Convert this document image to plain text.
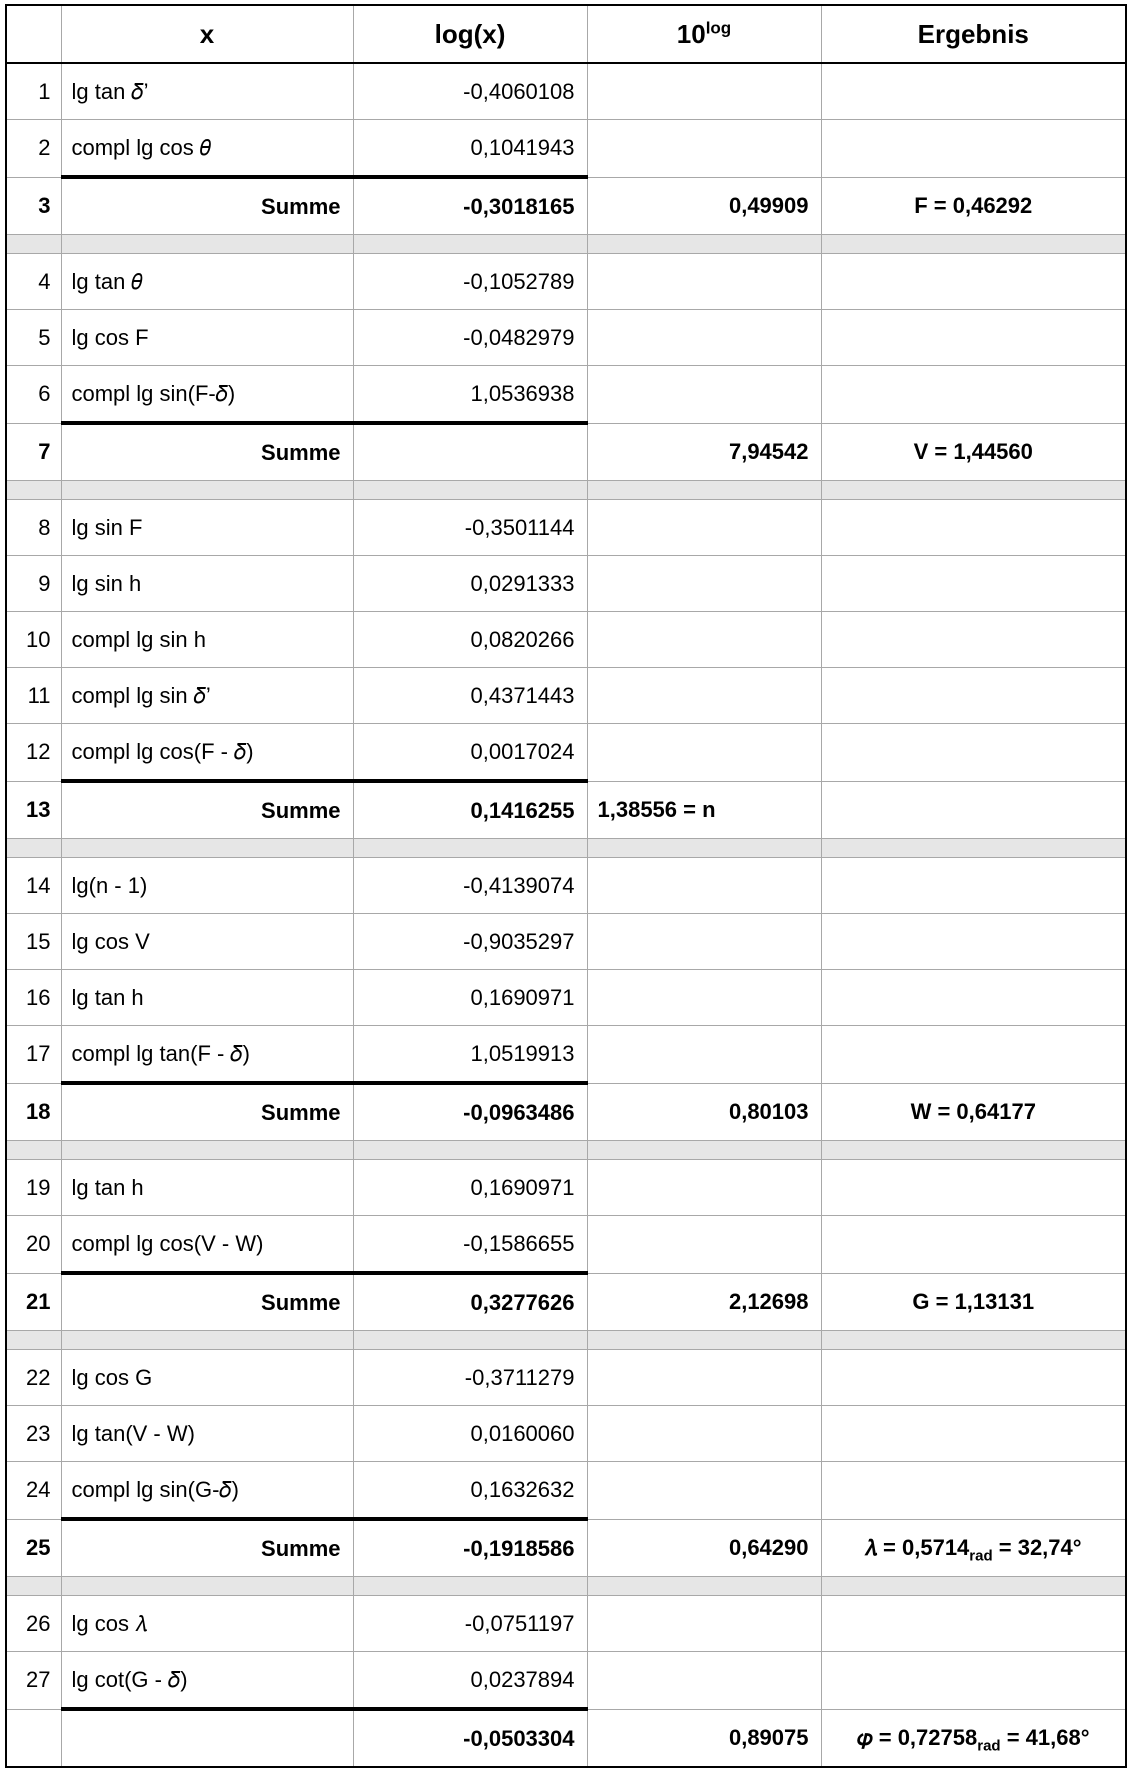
	x	log(x)	$10^{log}$	Ergebnis
1	lg tan 𝛿’	-0,4060108		
2	compl lg cos 𝜃	0,1041943		
3	Summe	-0,3018165	0,49909	F = 0,46292

4	lg tan 𝜃	-0,1052789		
5	lg cos F	-0,0482979		
6	compl lg sin(F-𝛿)	1,0536938		
7	Summe		7,94542	V = 1,44560

8	lg sin F	-0,3501144		
9	lg sin h	0,0291333		
10	compl lg sin h	0,0820266		
11	compl lg sin 𝛿’	0,4371443		
12	compl lg cos(F - 𝛿)	0,0017024		
13	Summe	0,1416255	1,38556 = n	

14	lg(n - 1)	-0,4139074		
15	lg cos V	-0,9035297		
16	lg tan h	0,1690971		
17	compl lg tan(F - 𝛿)	1,0519913		
18	Summe	-0,0963486	0,80103	W = 0,64177

19	lg tan h	0,1690971		
20	compl lg cos(V - W)	-0,1586655		
21	Summe	0,3277626	2,12698	G = 1,13131

22	lg cos G	-0,3711279		
23	lg tan(V - W)	0,0160060		
24	compl lg sin(G-𝛿)	0,1632632		
25	Summe	-0,1918586	0,64290	𝜆 = $0,5714_{rad} = 32,74^\circ$

26	lg cos 𝜆	-0,0751197		
27	lg cot(G - 𝛿)	0,0237894		
		-0,0503304	0,89075	𝜑 = $0,72758_{rad} = 41,68^\circ$
